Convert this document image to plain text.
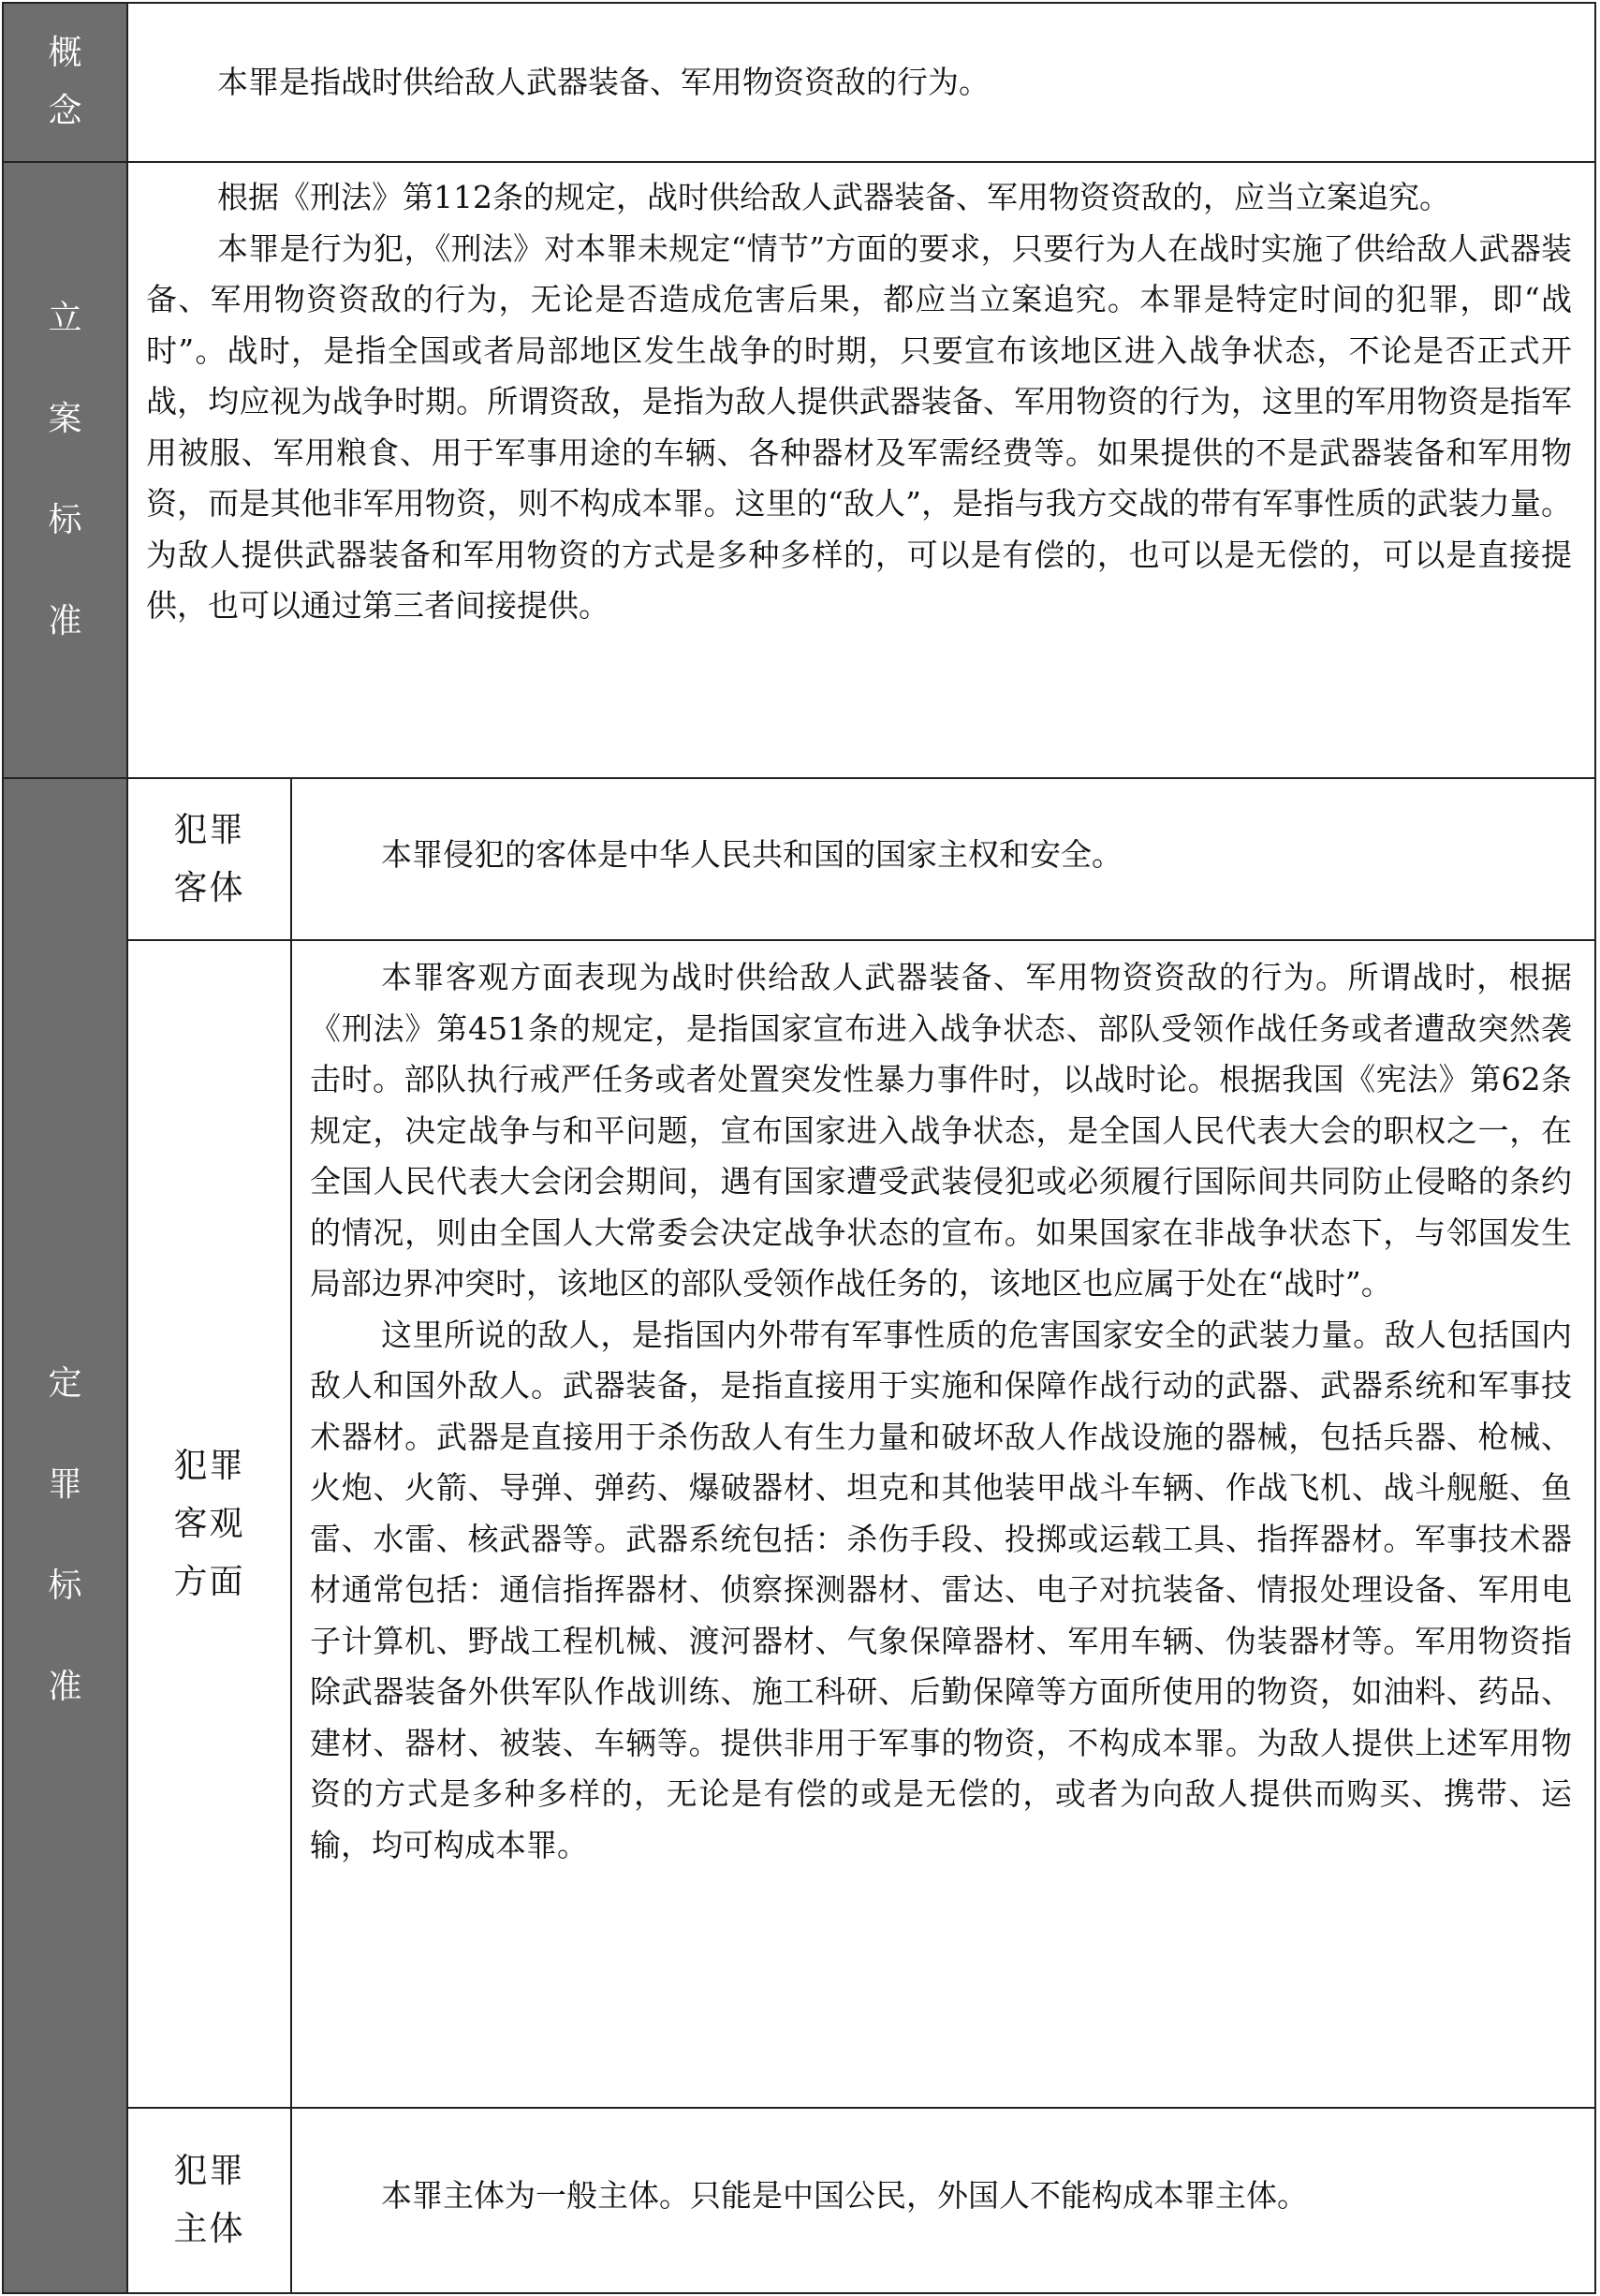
概
念

本罪是指战时供给敌人武器装备、军用物资资敌的行为。

立
案
标
准

根据《刑法》第112条的规定，战时供给敌人武器装备、军用物资资敌的，应当立案追究。

本罪是行为犯，《刑法》对本罪未规定“情节”方面的要求，只要行为人在战时实施了供给敌人武器装备、军用物资资敌的行为，无论是否造成危害后果，都应当立案追究。本罪是特定时间的犯罪，即“战时”。战时，是指全国或者局部地区发生战争的时期，只要宣布该地区进入战争状态，不论是否正式开战，均应视为战争时期。所谓资敌，是指为敌人提供武器装备、军用物资的行为，这里的军用物资是指军用被服、军用粮食、用于军事用途的车辆、各种器材及军需经费等。如果提供的不是武器装备和军用物资，而是其他非军用物资，则不构成本罪。这里的“敌人”，是指与我方交战的带有军事性质的武装力量。为敌人提供武器装备和军用物资的方式是多种多样的，可以是有偿的，也可以是无偿的，可以是直接提供，也可以通过第三者间接提供。

定
罪
标
准
犯罪
客体

本罪侵犯的客体是中华人民共和国的国家主权和安全。

犯罪
客观
方面

本罪客观方面表现为战时供给敌人武器装备、军用物资资敌的行为。所谓战时，根据《刑法》第451条的规定，是指国家宣布进入战争状态、部队受领作战任务或者遭敌突然袭击时。部队执行戒严任务或者处置突发性暴力事件时，以战时论。根据我国《宪法》第62条规定，决定战争与和平问题，宣布国家进入战争状态，是全国人民代表大会的职权之一，在全国人民代表大会闭会期间，遇有国家遭受武装侵犯或必须履行国际间共同防止侵略的条约的情况，则由全国人大常委会决定战争状态的宣布。如果国家在非战争状态下，与邻国发生局部边界冲突时，该地区的部队受领作战任务的，该地区也应属于处在“战时”。

这里所说的敌人，是指国内外带有军事性质的危害国家安全的武装力量。敌人包括国内敌人和国外敌人。武器装备，是指直接用于实施和保障作战行动的武器、武器系统和军事技术器材。武器是直接用于杀伤敌人有生力量和破坏敌人作战设施的器械，包括兵器、枪械、火炮、火箭、导弹、弹药、爆破器材、坦克和其他装甲战斗车辆、作战飞机、战斗舰艇、鱼雷、水雷、核武器等。武器系统包括：杀伤手段、投掷或运载工具、指挥器材。军事技术器材通常包括：通信指挥器材、侦察探测器材、雷达、电子对抗装备、情报处理设备、军用电子计算机、野战工程机械、渡河器材、气象保障器材、军用车辆、伪装器材等。军用物资指除武器装备外供军队作战训练、施工科研、后勤保障等方面所使用的物资，如油料、药品、建材、器材、被装、车辆等。提供非用于军事的物资，不构成本罪。为敌人提供上述军用物资的方式是多种多样的，无论是有偿的或是无偿的，或者为向敌人提供而购买、携带、运输，均可构成本罪。

犯罪
主体

本罪主体为一般主体。只能是中国公民，外国人不能构成本罪主体。
